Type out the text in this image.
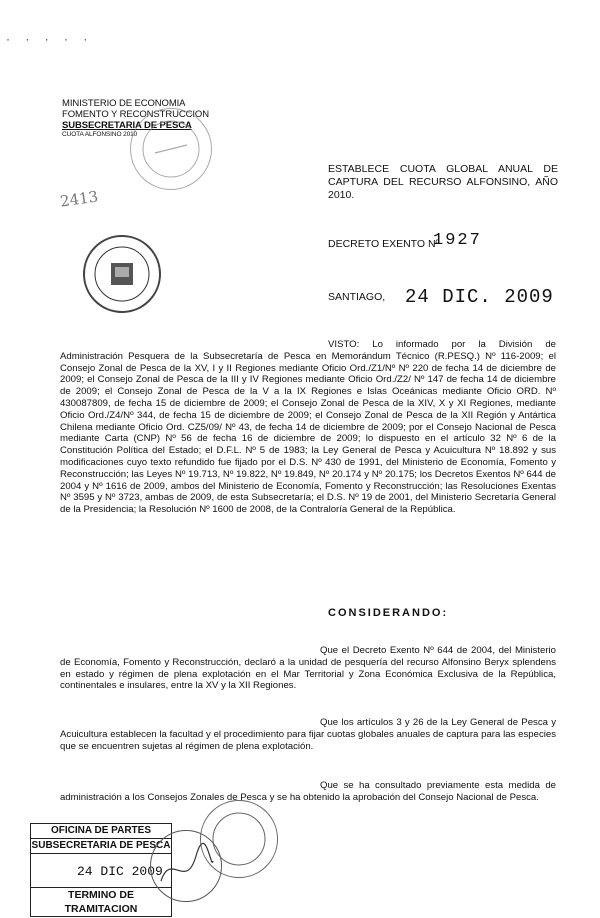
· · · · ·
MINISTERIO DE ECONOMIA
FOMENTO Y RECONSTRUCCION
SUBSECRETARIA DE PESCA
CUOTA ALFONSINO 2010
2413
ESTABLECE CUOTA GLOBAL ANUAL DE CAPTURA DEL RECURSO ALFONSINO, AÑO 2010.
DECRETO EXENTO Nº
1927
SANTIAGO, 24 DIC. 2009
VISTO: Lo informado por la División de Administración Pesquera de la Subsecretaría de Pesca en Memorándum Técnico (R.PESQ.) Nº 116-2009; el Consejo Zonal de Pesca de la XV, I y II Regiones mediante Oficio Ord./Z1/Nº Nº 220 de fecha 14 de diciembre de 2009; el Consejo Zonal de Pesca de la III y IV Regiones mediante Oficio Ord./Z2/ Nº 147 de fecha 14 de diciembre de 2009; el Consejo Zonal de Pesca de la V a la IX Regiones e Islas Oceánicas mediante Oficio ORD. Nº 430087809, de fecha 15 de diciembre de 2009; el Consejo Zonal de Pesca de la XIV, X y XI Regiones, mediante Oficio Ord./Z4/Nº 344, de fecha 15 de diciembre de 2009; el Consejo Zonal de Pesca de la XII Región y Antártica Chilena mediante Oficio Ord. CZ5/09/ Nº 43, de fecha 14 de diciembre de 2009; por el Consejo Nacional de Pesca mediante Carta (CNP) Nº 56 de fecha 16 de diciembre de 2009; lo dispuesto en el artículo 32 Nº 6 de la Constitución Política del Estado; el D.F.L. Nº 5 de 1983; la Ley General de Pesca y Acuicultura Nº 18.892 y sus modificaciones cuyo texto refundido fue fijado por el D.S. Nº 430 de 1991, del Ministerio de Economía, Fomento y Reconstrucción; las Leyes Nº 19.713, Nº 19.822, Nº 19.849, Nº 20.174 y Nº 20.175; los Decretos Exentos Nº 644 de 2004 y Nº 1616 de 2009, ambos del Ministerio de Economía, Fomento y Reconstrucción; las Resoluciones Exentas Nº 3595 y Nº 3723, ambas de 2009, de esta Subsecretaría; el D.S. Nº 19 de 2001, del Ministerio Secretaría General de la Presidencia; la Resolución Nº 1600 de 2008, de la Contraloría General de la República.
CONSIDERANDO:
Que el Decreto Exento Nº 644 de 2004, del Ministerio de Economía, Fomento y Reconstrucción, declaró a la unidad de pesquería del recurso Alfonsino Beryx splendens en estado y régimen de plena explotación en el Mar Territorial y Zona Económica Exclusiva de la República, continentales e insulares, entre la XV y la XII Regiones.
Que los artículos 3 y 26 de la Ley General de Pesca y Acuicultura establecen la facultad y el procedimiento para fijar cuotas globales anuales de captura para las especies que se encuentren sujetas al régimen de plena explotación.
Que se ha consultado previamente esta medida de administración a los Consejos Zonales de Pesca y se ha obtenido la aprobación del Consejo Nacional de Pesca.
OFICINA DE PARTES
SUBSECRETARIA DE PESCA
24 DIC 2009
TERMINO DE TRAMITACION
